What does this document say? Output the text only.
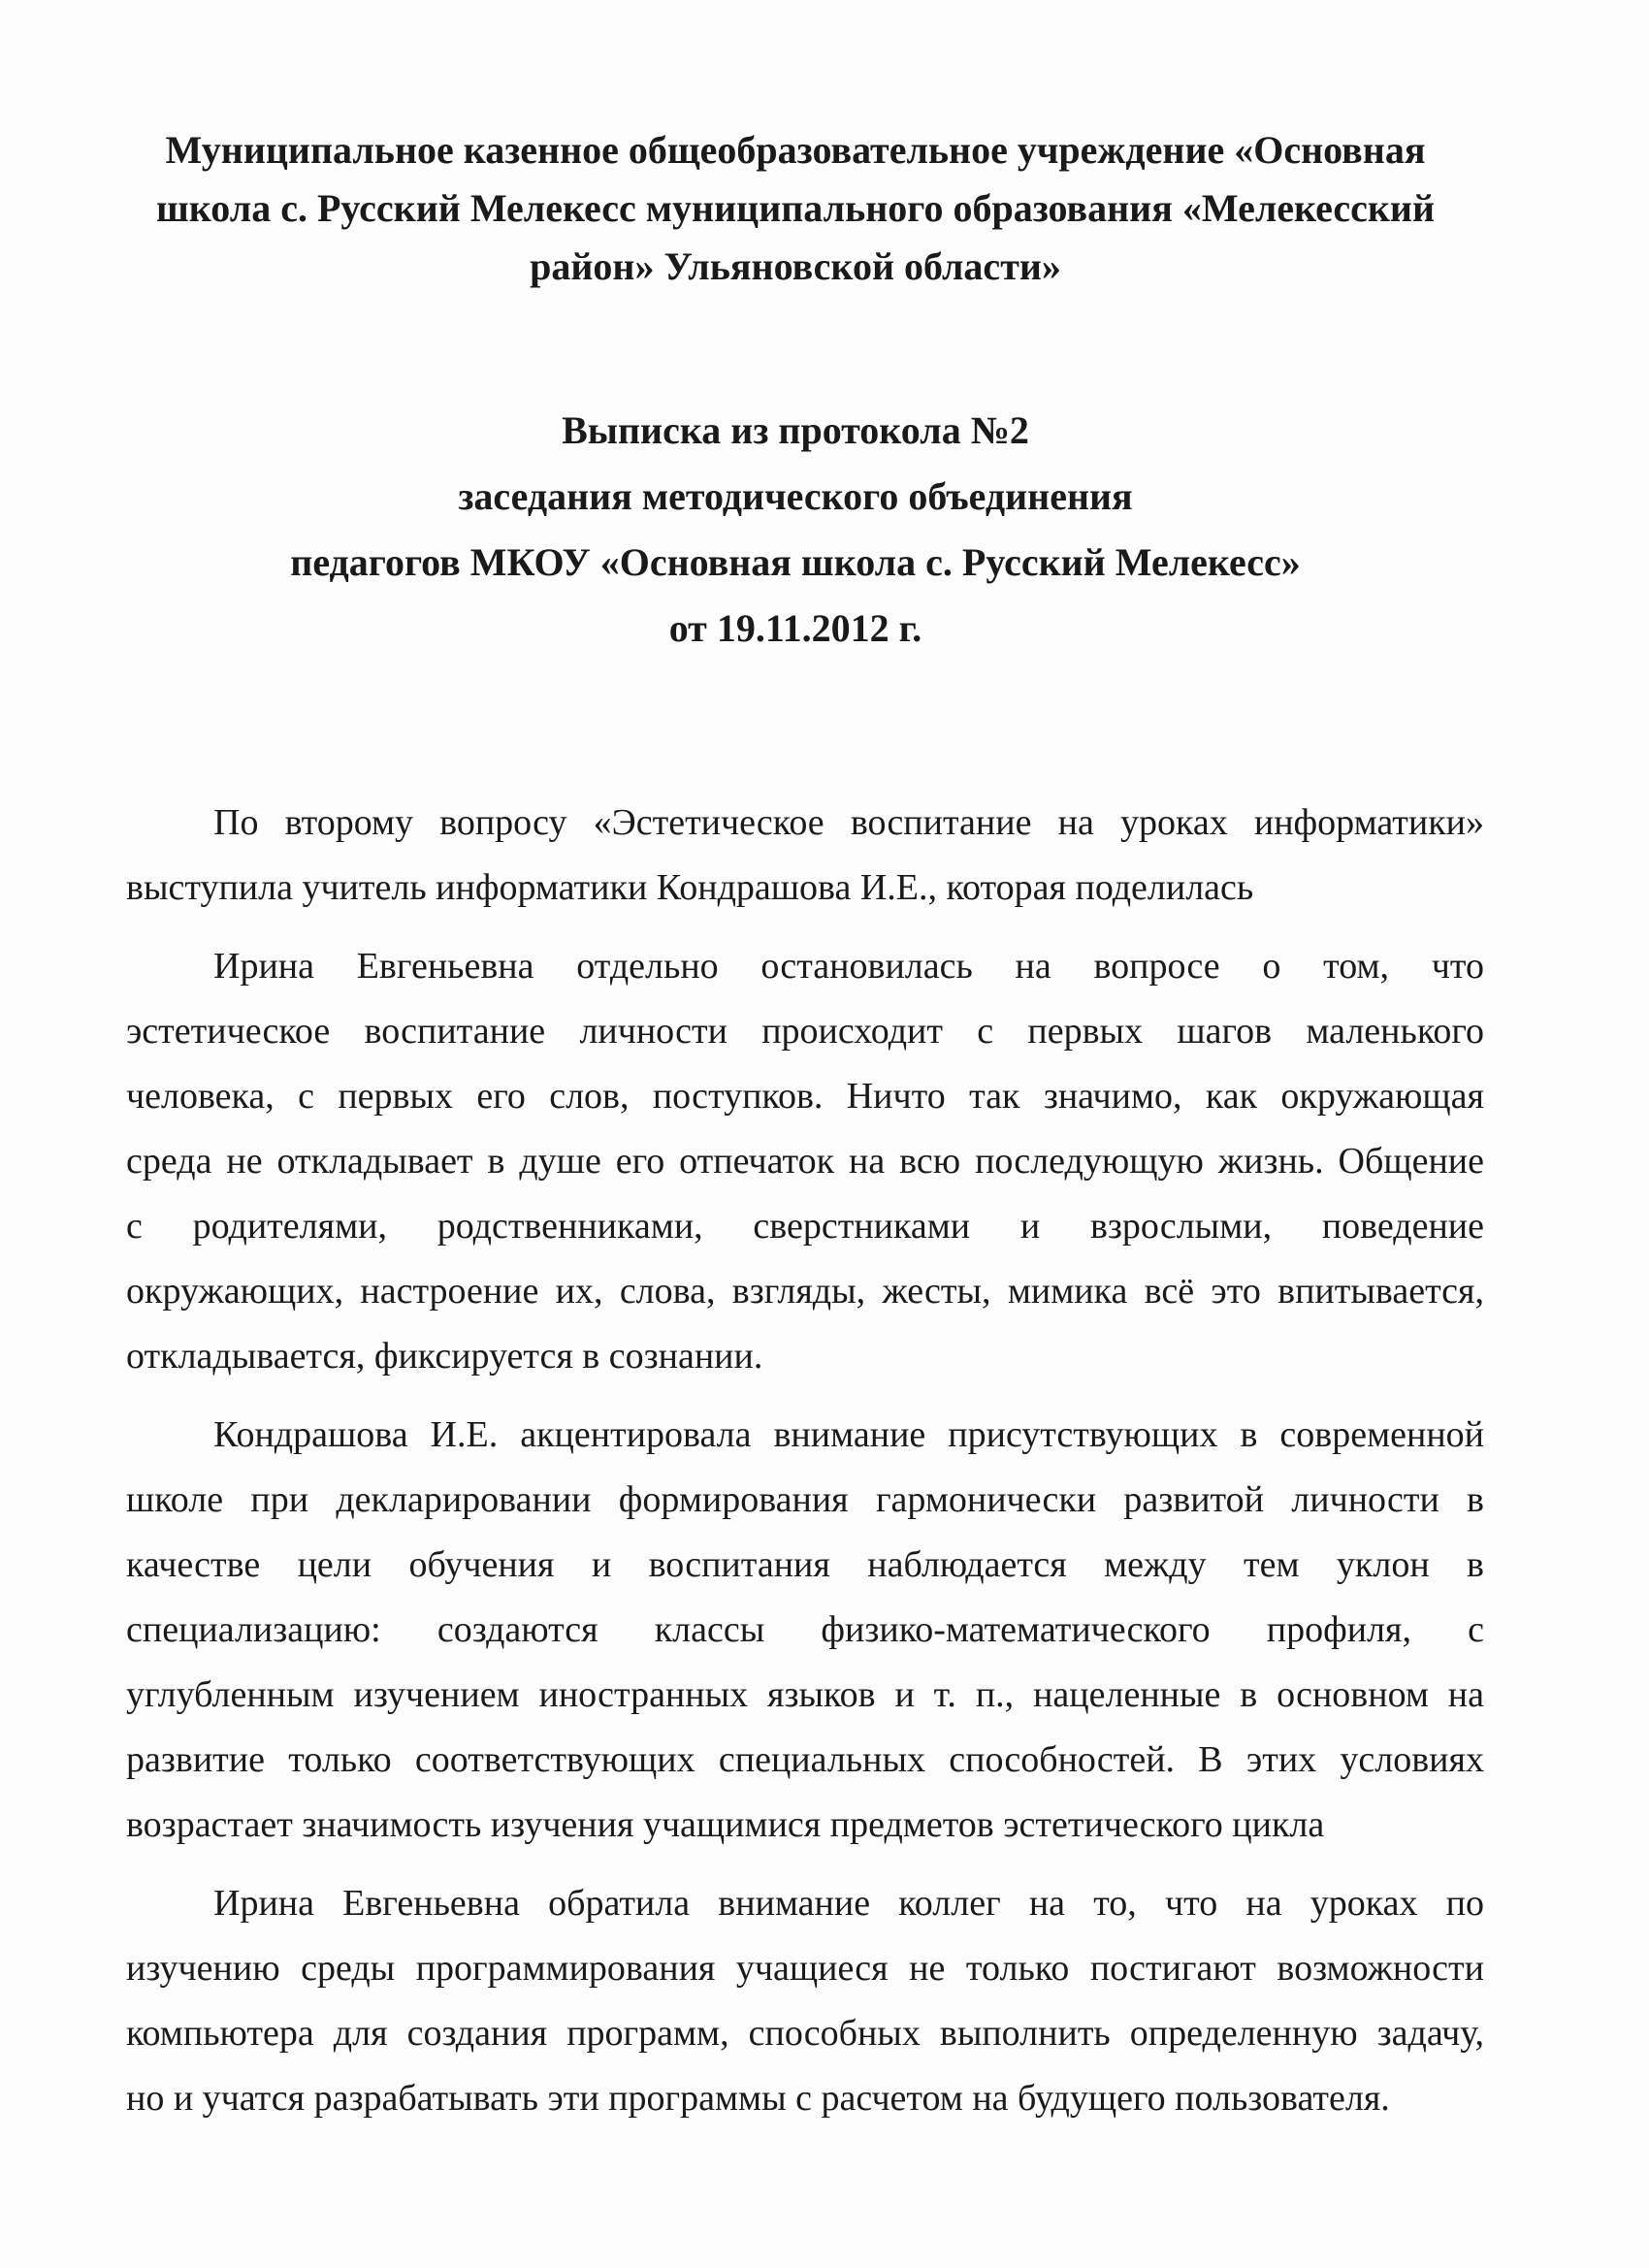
Муниципальное казенное общеобразовательное учреждение «Основная
школа с. Русский Мелекесс муниципального образования «Мелекесский
район» Ульяновской области»
Выписка из протокола №2
заседания методического объединения
педагогов МКОУ «Основная школа с. Русский Мелекесс»
от 19.11.2012 г.
По второму вопросу «Эстетическое воспитание на уроках информатики»
выступила учитель информатики Кондрашова И.Е., которая поделилась
Ирина Евгеньевна отдельно остановилась на вопросе о том, что
эстетическое воспитание личности происходит с первых шагов маленького
человека, с первых его слов, поступков. Ничто так значимо, как окружающая
среда не откладывает в душе его отпечаток на всю последующую жизнь. Общение
с родителями, родственниками, сверстниками и взрослыми, поведение
окружающих, настроение их, слова, взгляды, жесты, мимика всё это впитывается,
откладывается, фиксируется в сознании.
Кондрашова И.Е. акцентировала внимание присутствующих в современной
школе при декларировании формирования гармонически развитой личности в
качестве цели обучения и воспитания наблюдается между тем уклон в
специализацию: создаются классы физико-математического профиля, с
углубленным изучением иностранных языков и т. п., нацеленные в основном на
развитие только соответствующих специальных способностей. В этих условиях
возрастает значимость изучения учащимися предметов эстетического цикла
Ирина Евгеньевна обратила внимание коллег на то, что на уроках по
изучению среды программирования учащиеся не только постигают возможности
компьютера для создания программ, способных выполнить определенную задачу,
но и учатся разрабатывать эти программы с расчетом на будущего пользователя.
